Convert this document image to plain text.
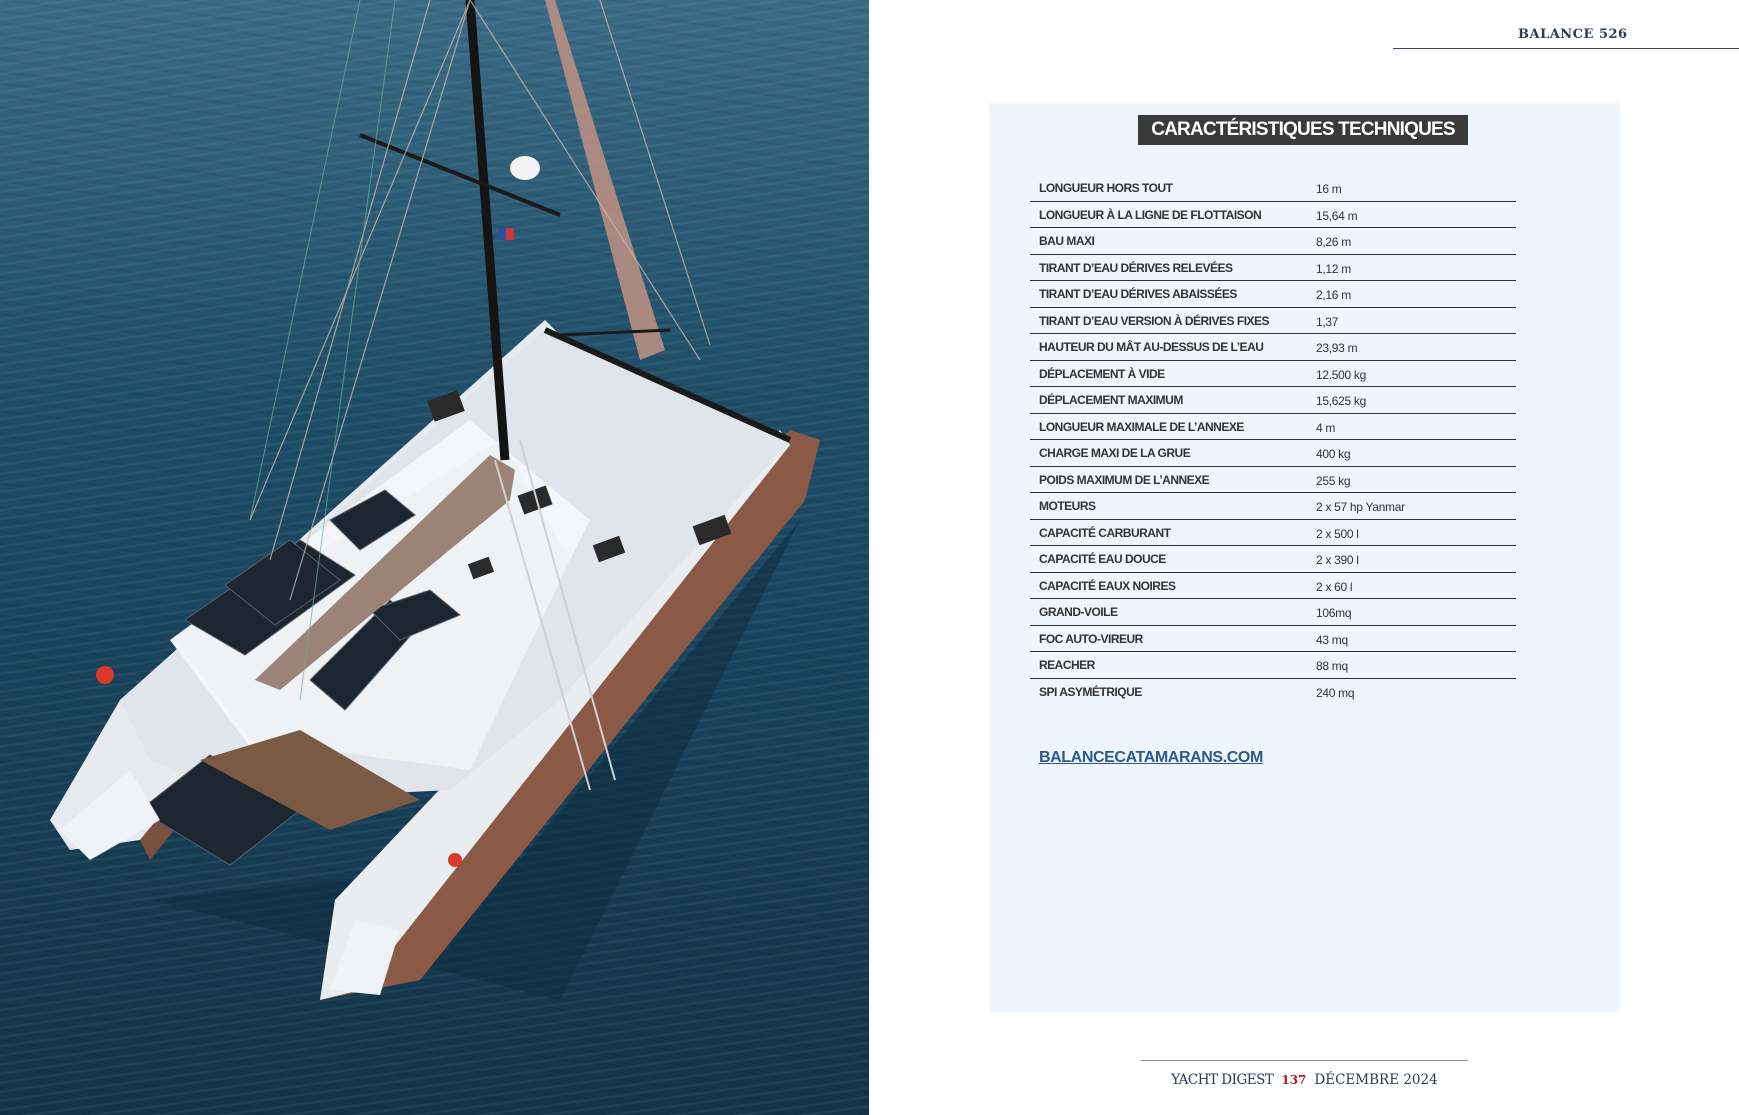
BALANCE 526
CARACTÉRISTIQUES TECHNIQUES
LONGUEUR HORS TOUT	16 m
LONGUEUR À LA LIGNE DE FLOTTAISON	15,64 m
BAU MAXI	8,26 m
TIRANT D’EAU DÉRIVES RELEVÉES	1,12 m
TIRANT D’EAU DÉRIVES ABAISSÉES	2,16 m
TIRANT D’EAU VERSION À DÉRIVES FIXES	1,37
HAUTEUR DU MÂT AU-DESSUS DE L’EAU	23,93 m
DÉPLACEMENT À VIDE	12.500 kg
DÉPLACEMENT MAXIMUM	15,625 kg
LONGUEUR MAXIMALE DE L’ANNEXE	4 m
CHARGE MAXI DE LA GRUE	400 kg
POIDS MAXIMUM DE L’ANNEXE	255 kg
MOTEURS	2 x 57 hp Yanmar
CAPACITÉ CARBURANT	2 x 500 l
CAPACITÉ EAU DOUCE	2 x 390 l
CAPACITÉ EAUX NOIRES	2 x 60 l
GRAND-VOILE	106mq
FOC AUTO-VIREUR	43 mq
REACHER	88 mq
SPI ASYMÉTRIQUE	240 mq
BALANCECATAMARANS.COM
YACHT DIGEST 137 DÉCEMBRE 2024
